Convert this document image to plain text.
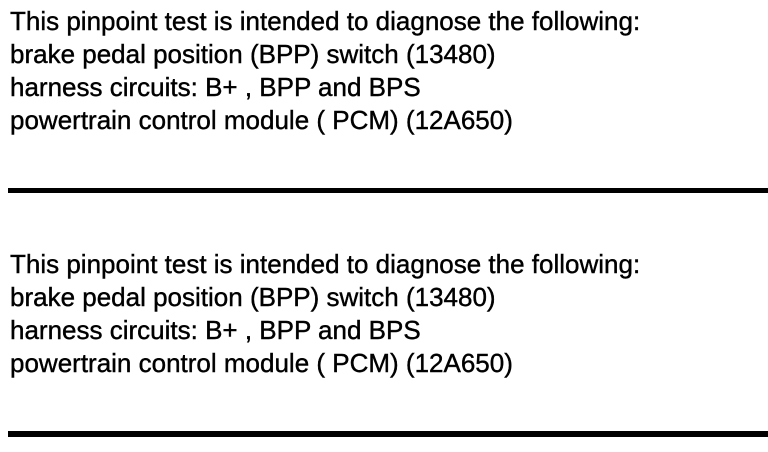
This pinpoint test is intended to diagnose the following:
brake pedal position (BPP) switch (13480)
harness circuits: B+ , BPP and BPS
powertrain control module ( PCM) (12A650)
This pinpoint test is intended to diagnose the following:
brake pedal position (BPP) switch (13480)
harness circuits: B+ , BPP and BPS
powertrain control module ( PCM) (12A650)
